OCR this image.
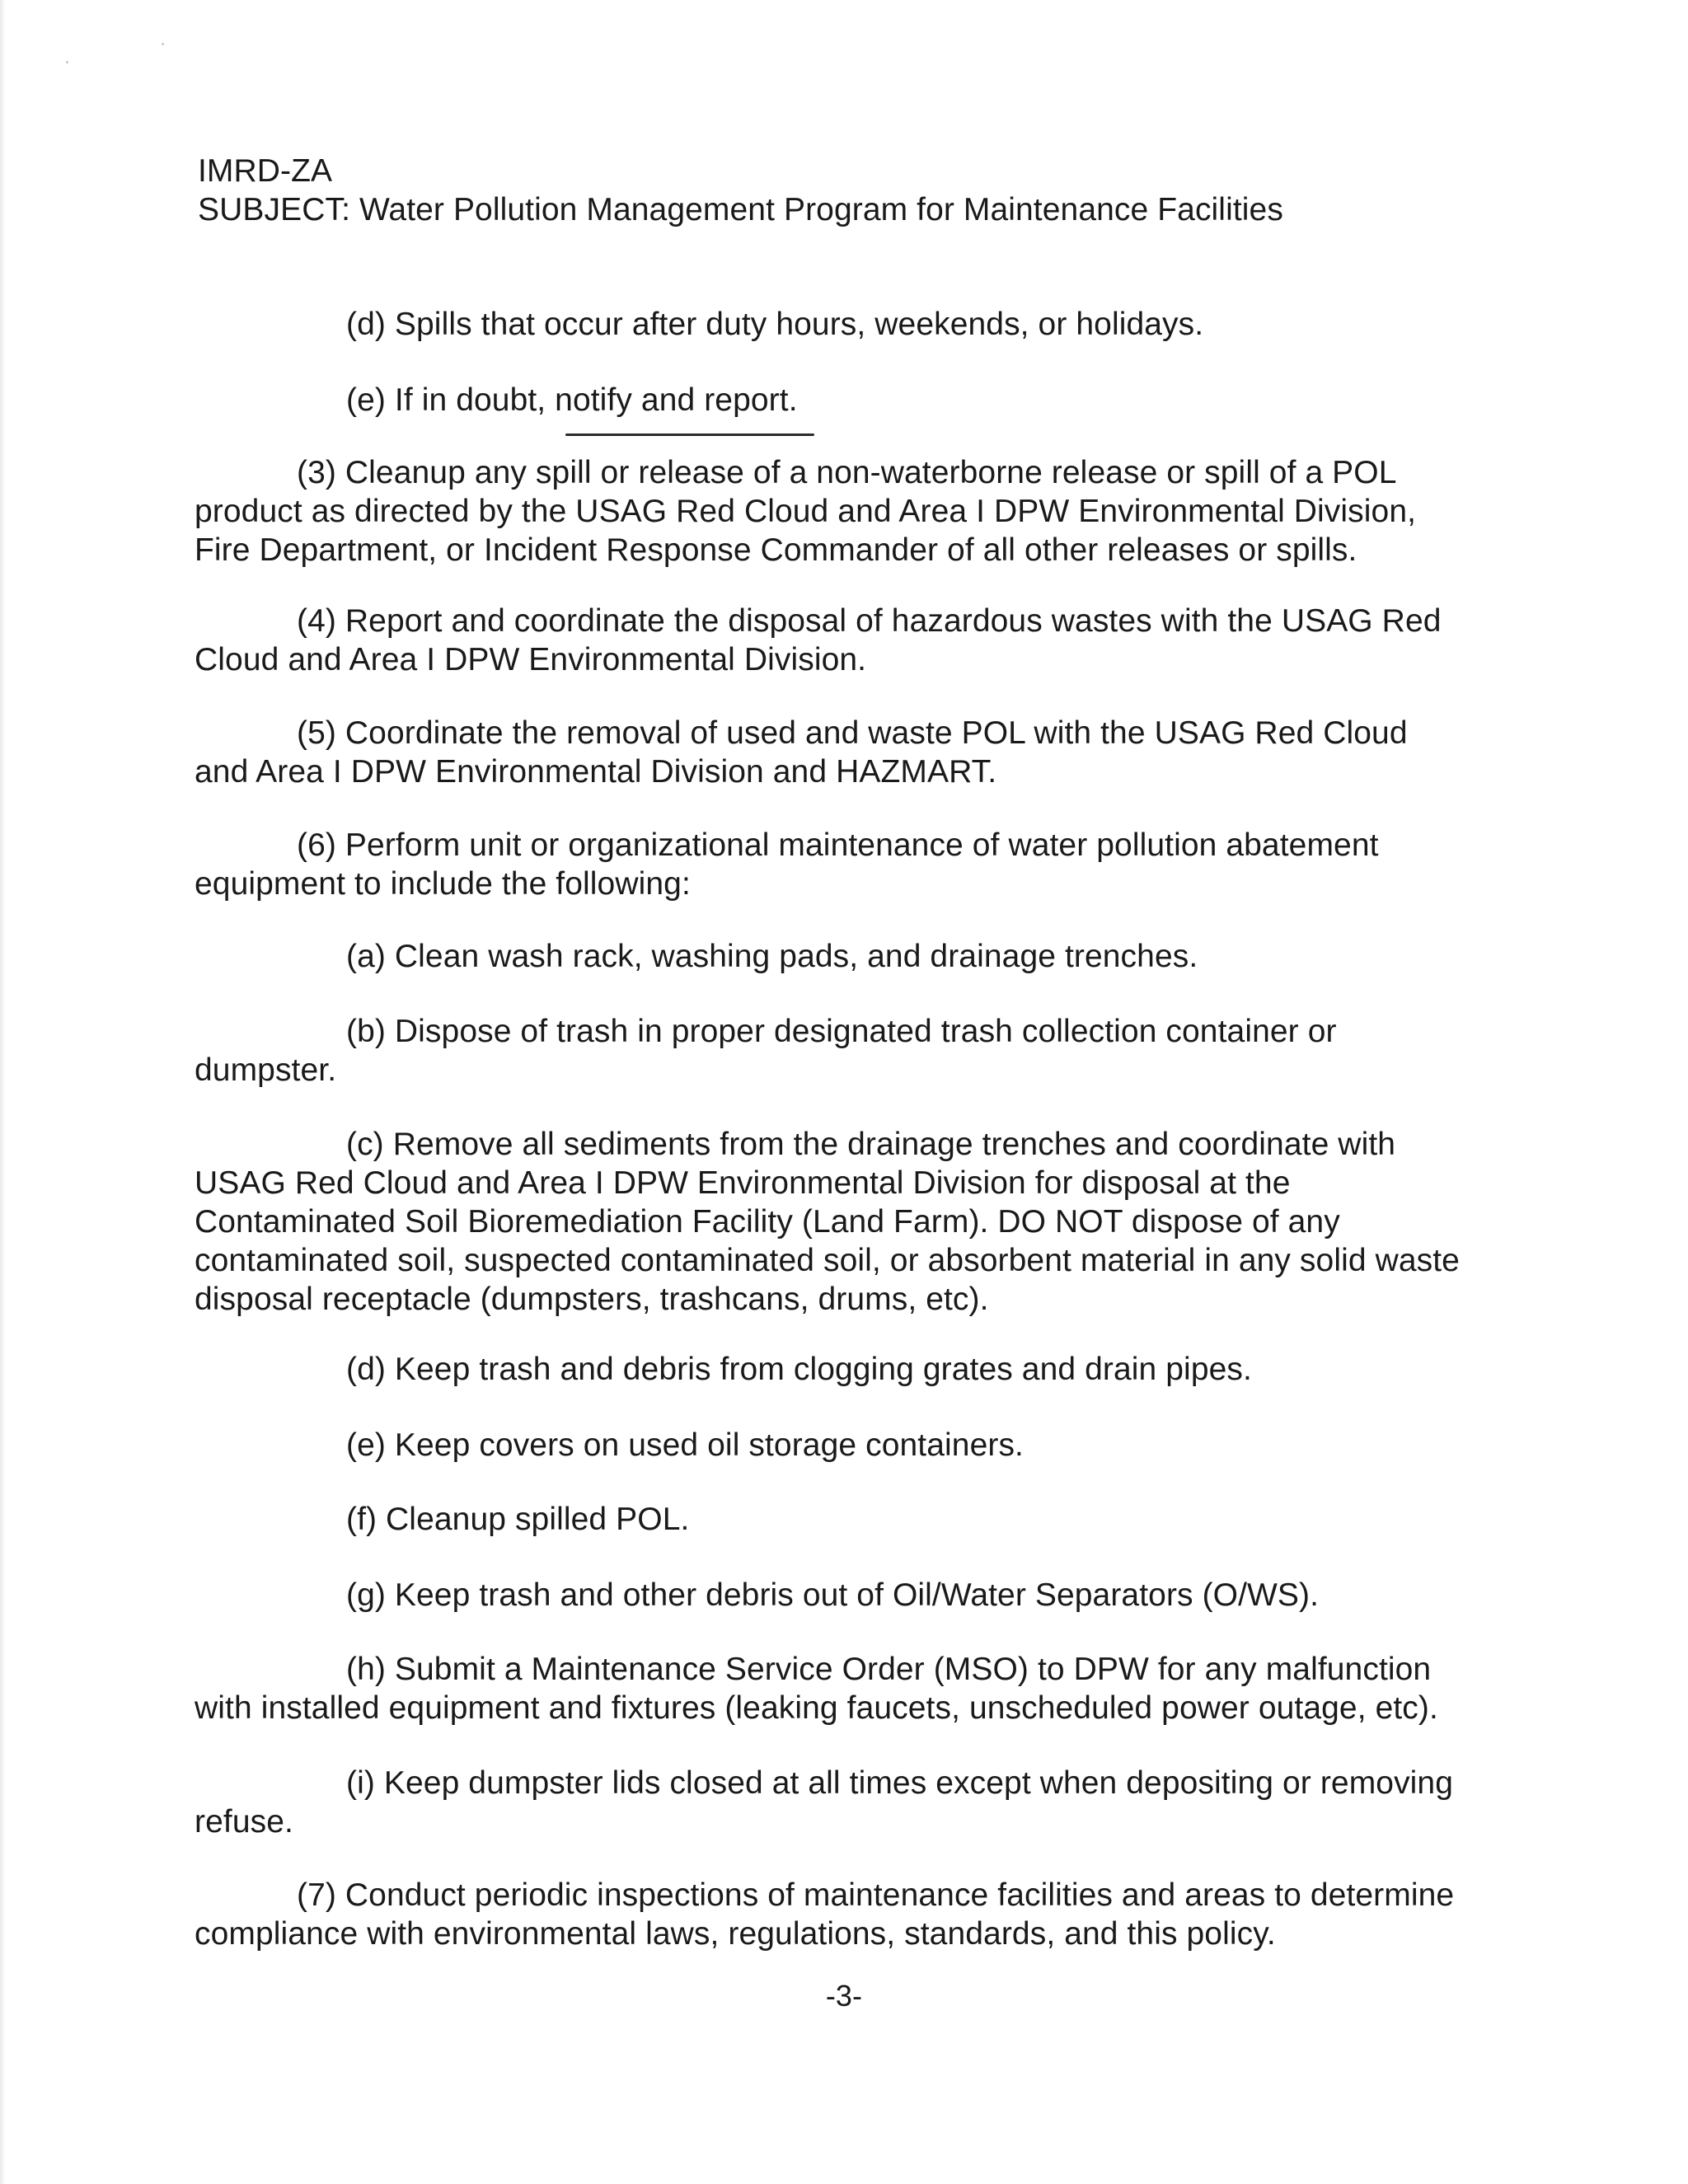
IMRD-ZA

SUBJECT: Water Pollution Management Program for Maintenance Facilities

(d) Spills that occur after duty hours, weekends, or holidays.

(e) If in doubt, notify and report.

(3) Cleanup any spill or release of a non-waterborne release or spill of a POL

product as directed by the USAG Red Cloud and Area I DPW Environmental Division,

Fire Department, or Incident Response Commander of all other releases or spills.

(4) Report and coordinate the disposal of hazardous wastes with the USAG Red

Cloud and Area I DPW Environmental Division.

(5) Coordinate the removal of used and waste POL with the USAG Red Cloud

and Area I DPW Environmental Division and HAZMART.

(6) Perform unit or organizational maintenance of water pollution abatement

equipment to include the following:

(a) Clean wash rack, washing pads, and drainage trenches.

(b) Dispose of trash in proper designated trash collection container or

dumpster.

(c) Remove all sediments from the drainage trenches and coordinate with

USAG Red Cloud and Area I DPW Environmental Division for disposal at the

Contaminated Soil Bioremediation Facility (Land Farm). DO NOT dispose of any

contaminated soil, suspected contaminated soil, or absorbent material in any solid waste

disposal receptacle (dumpsters, trashcans, drums, etc).

(d) Keep trash and debris from clogging grates and drain pipes.

(e) Keep covers on used oil storage containers.

(f) Cleanup spilled POL.

(g) Keep trash and other debris out of Oil/Water Separators (O/WS).

(h) Submit a Maintenance Service Order (MSO) to DPW for any malfunction

with installed equipment and fixtures (leaking faucets, unscheduled power outage, etc).

(i) Keep dumpster lids closed at all times except when depositing or removing

refuse.

(7) Conduct periodic inspections of maintenance facilities and areas to determine

compliance with environmental laws, regulations, standards, and this policy.

-3-
